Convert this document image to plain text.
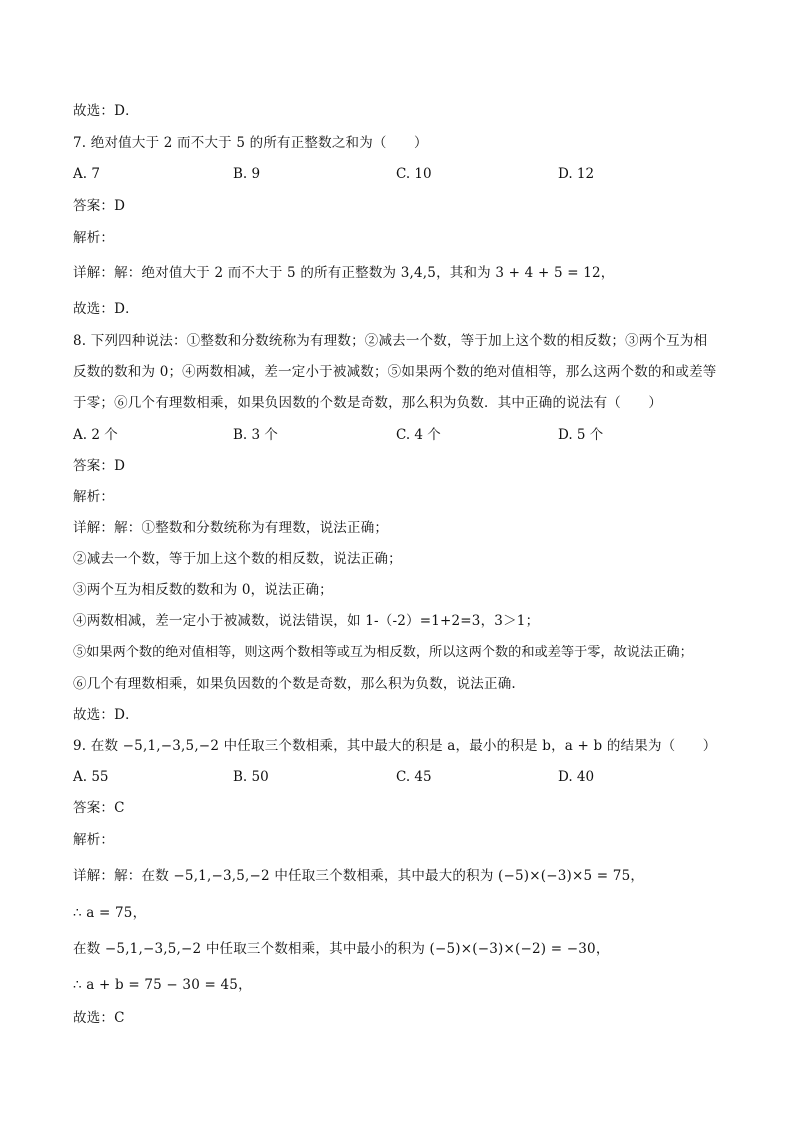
故选：D．
7. 绝对值大于 2 而不大于 5 的所有正整数之和为（　　）
A. 7	B. 9	C. 10	D. 12
答案：D
解析：
详解：解：绝对值大于 2 而不大于 5 的所有正整数为 3,4,5，其和为 3 + 4 + 5 = 12，
故选：D．
8. 下列四种说法：①整数和分数统称为有理数；②减去一个数，等于加上这个数的相反数；③两个互为相
反数的数和为 0；④两数相减，差一定小于被减数；⑤如果两个数的绝对值相等，那么这两个数的和或差等
于零；⑥几个有理数相乘，如果负因数的个数是奇数，那么积为负数．其中正确的说法有（　　）
A. 2 个	B. 3 个	C. 4 个	D. 5 个
答案：D
解析：
详解：解：①整数和分数统称为有理数，说法正确；
②减去一个数，等于加上这个数的相反数，说法正确；
③两个互为相反数的数和为 0，说法正确；
④两数相减，差一定小于被减数，说法错误，如 1-（-2）=1+2=3，3＞1；
⑤如果两个数的绝对值相等，则这两个数相等或互为相反数，所以这两个数的和或差等于零，故说法正确；
⑥几个有理数相乘，如果负因数的个数是奇数，那么积为负数，说法正确.
故选：D．
9. 在数 −5,1,−3,5,−2 中任取三个数相乘，其中最大的积是 a，最小的积是 b，a + b 的结果为（　　）
A. 55	B. 50	C. 45	D. 40
答案：C
解析：
详解：解：在数 −5,1,−3,5,−2 中任取三个数相乘，其中最大的积为 (−5)×(−3)×5 = 75，
∴ a = 75，
在数 −5,1,−3,5,−2 中任取三个数相乘，其中最小的积为 (−5)×(−3)×(−2) = −30，
∴ a + b = 75 − 30 = 45，
故选：C
